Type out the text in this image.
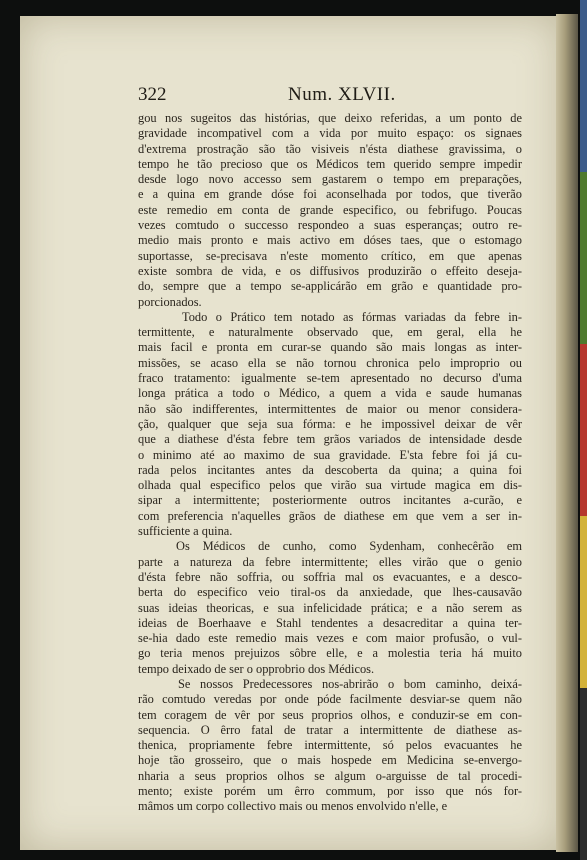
322	Num. XLVII.
gou nos sugeitos das histórias, que deixo referidas, a um ponto de
gravidade incompativel com a vida por muito espaço: os signaes
d'extrema prostração são tão visiveis n'ésta diathese gravissima, o
tempo he tão precioso que os Médicos tem querido sempre impedir
desde logo novo accesso sem gastarem o tempo em preparações,
e a quina em grande dóse foi aconselhada por todos, que tiverão
este remedio em conta de grande especifico, ou febrifugo. Poucas
vezes comtudo o successo respondeo a suas esperanças; outro re-
medio mais pronto e mais activo em dóses taes, que o estomago
suportasse, se-precisava n'este momento crítico, em que apenas
existe sombra de vida, e os diffusivos produzirão o effeito deseja-
do, sempre que a tempo se-applicárão em grão e quantidade pro-
porcionados.
Todo o Prático tem notado as fórmas variadas da febre in-
termittente, e naturalmente observado que, em geral, ella he
mais facil e pronta em curar-se quando são mais longas as inter-
missões, se acaso ella se não tornou chronica pelo improprio ou
fraco tratamento: igualmente se-tem apresentado no decurso d'uma
longa prática a todo o Médico, a quem a vida e saude humanas
não são indifferentes, intermittentes de maior ou menor considera-
ção, qualquer que seja sua fórma: e he impossivel deixar de vêr
que a diathese d'ésta febre tem grãos variados de intensidade desde
o minimo até ao maximo de sua gravidade. E'sta febre foi já cu-
rada pelos incitantes antes da descoberta da quina; a quina foi
olhada qual especifico pelos que virão sua virtude magica em dis-
sipar a intermittente; posteriormente outros incitantes a-curão, e
com preferencia n'aquelles grãos de diathese em que vem a ser in-
sufficiente a quina.
Os Médicos de cunho, como Sydenham, conhecêrão em
parte a natureza da febre intermittente; elles virão que o genio
d'ésta febre não soffria, ou soffria mal os evacuantes, e a desco-
berta do especifico veio tiral-os da anxiedade, que lhes-causavão
suas ideias theoricas, e sua infelicidade prática; e a não serem as
ideias de Boerhaave e Stahl tendentes a desacreditar a quina ter-
se-hia dado este remedio mais vezes e com maior profusão, o vul-
go teria menos prejuizos sôbre elle, e a molestia teria há muito
tempo deixado de ser o opprobrio dos Médicos.
Se nossos Predecessores nos-abrirão o bom caminho, deixá-
rão comtudo veredas por onde póde facilmente desviar-se quem não
tem coragem de vêr por seus proprios olhos, e conduzir-se em con-
sequencia. O êrro fatal de tratar a intermittente de diathese as-
thenica, propriamente febre intermittente, só pelos evacuantes he
hoje tão grosseiro, que o mais hospede em Medicina se-envergo-
nharia a seus proprios olhos se algum o-arguisse de tal procedi-
mento; existe porém um êrro commum, por isso que nós for-
mâmos um corpo collectivo mais ou menos envolvido n'elle, e
